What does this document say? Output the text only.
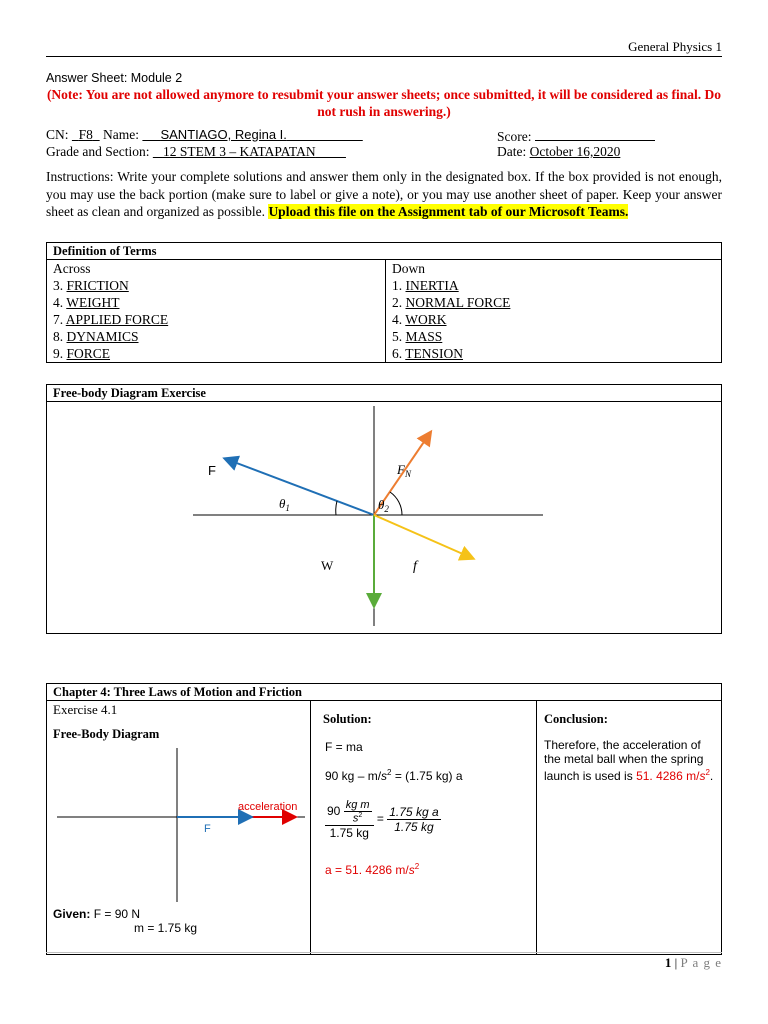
General Physics 1
Answer Sheet: Module 2
(Note: You are not allowed anymore to resubmit your answer sheets; once submitted, it will be considered as final. Do not rush in answering.)
CN: F8 Name: SANTIAGO, Regina I.	Score:
Grade and Section: 12 STEM 3 – KATAPATAN	Date: October 16,2020
Instructions: Write your complete solutions and answer them only in the designated box. If the box provided is not enough, you may use the back portion (make sure to label or give a note), or you may use another sheet of paper. Keep your answer sheet as clean and organized as possible. Upload this file on the Assignment tab of our Microsoft Teams.
Definition of Terms

Across
3. FRICTION
4. WEIGHT
7. APPLIED FORCE
8. DYNAMICS
9. FORCE

Down
1. INERTIA
2. NORMAL FORCE
4. WORK
5. MASS
6. TENSION
Free-body Diagram Exercise
F	$F_N$
$\theta_1$	$\theta_2$
W	f
Chapter 4: Three Laws of Motion and Friction
Exercise 4.1
Free-Body Diagram
acceleration
F
Given: F = 90 N
m = 1.75 kg
Solution:
F = ma
90 kg – $m/s^2 = (1.75$ kg) a
$\frac{90 \frac{\text{kg m}}{s^2}}{1.75 kg} = \frac{\text{1.75 kg a}}{1.75 kg}$
a = 51. 4286 $m/s^2$
Conclusion:
Therefore, the acceleration of the metal ball when the spring launch is used is 51. 4286 $m/s^2$.
1 | P a g e
